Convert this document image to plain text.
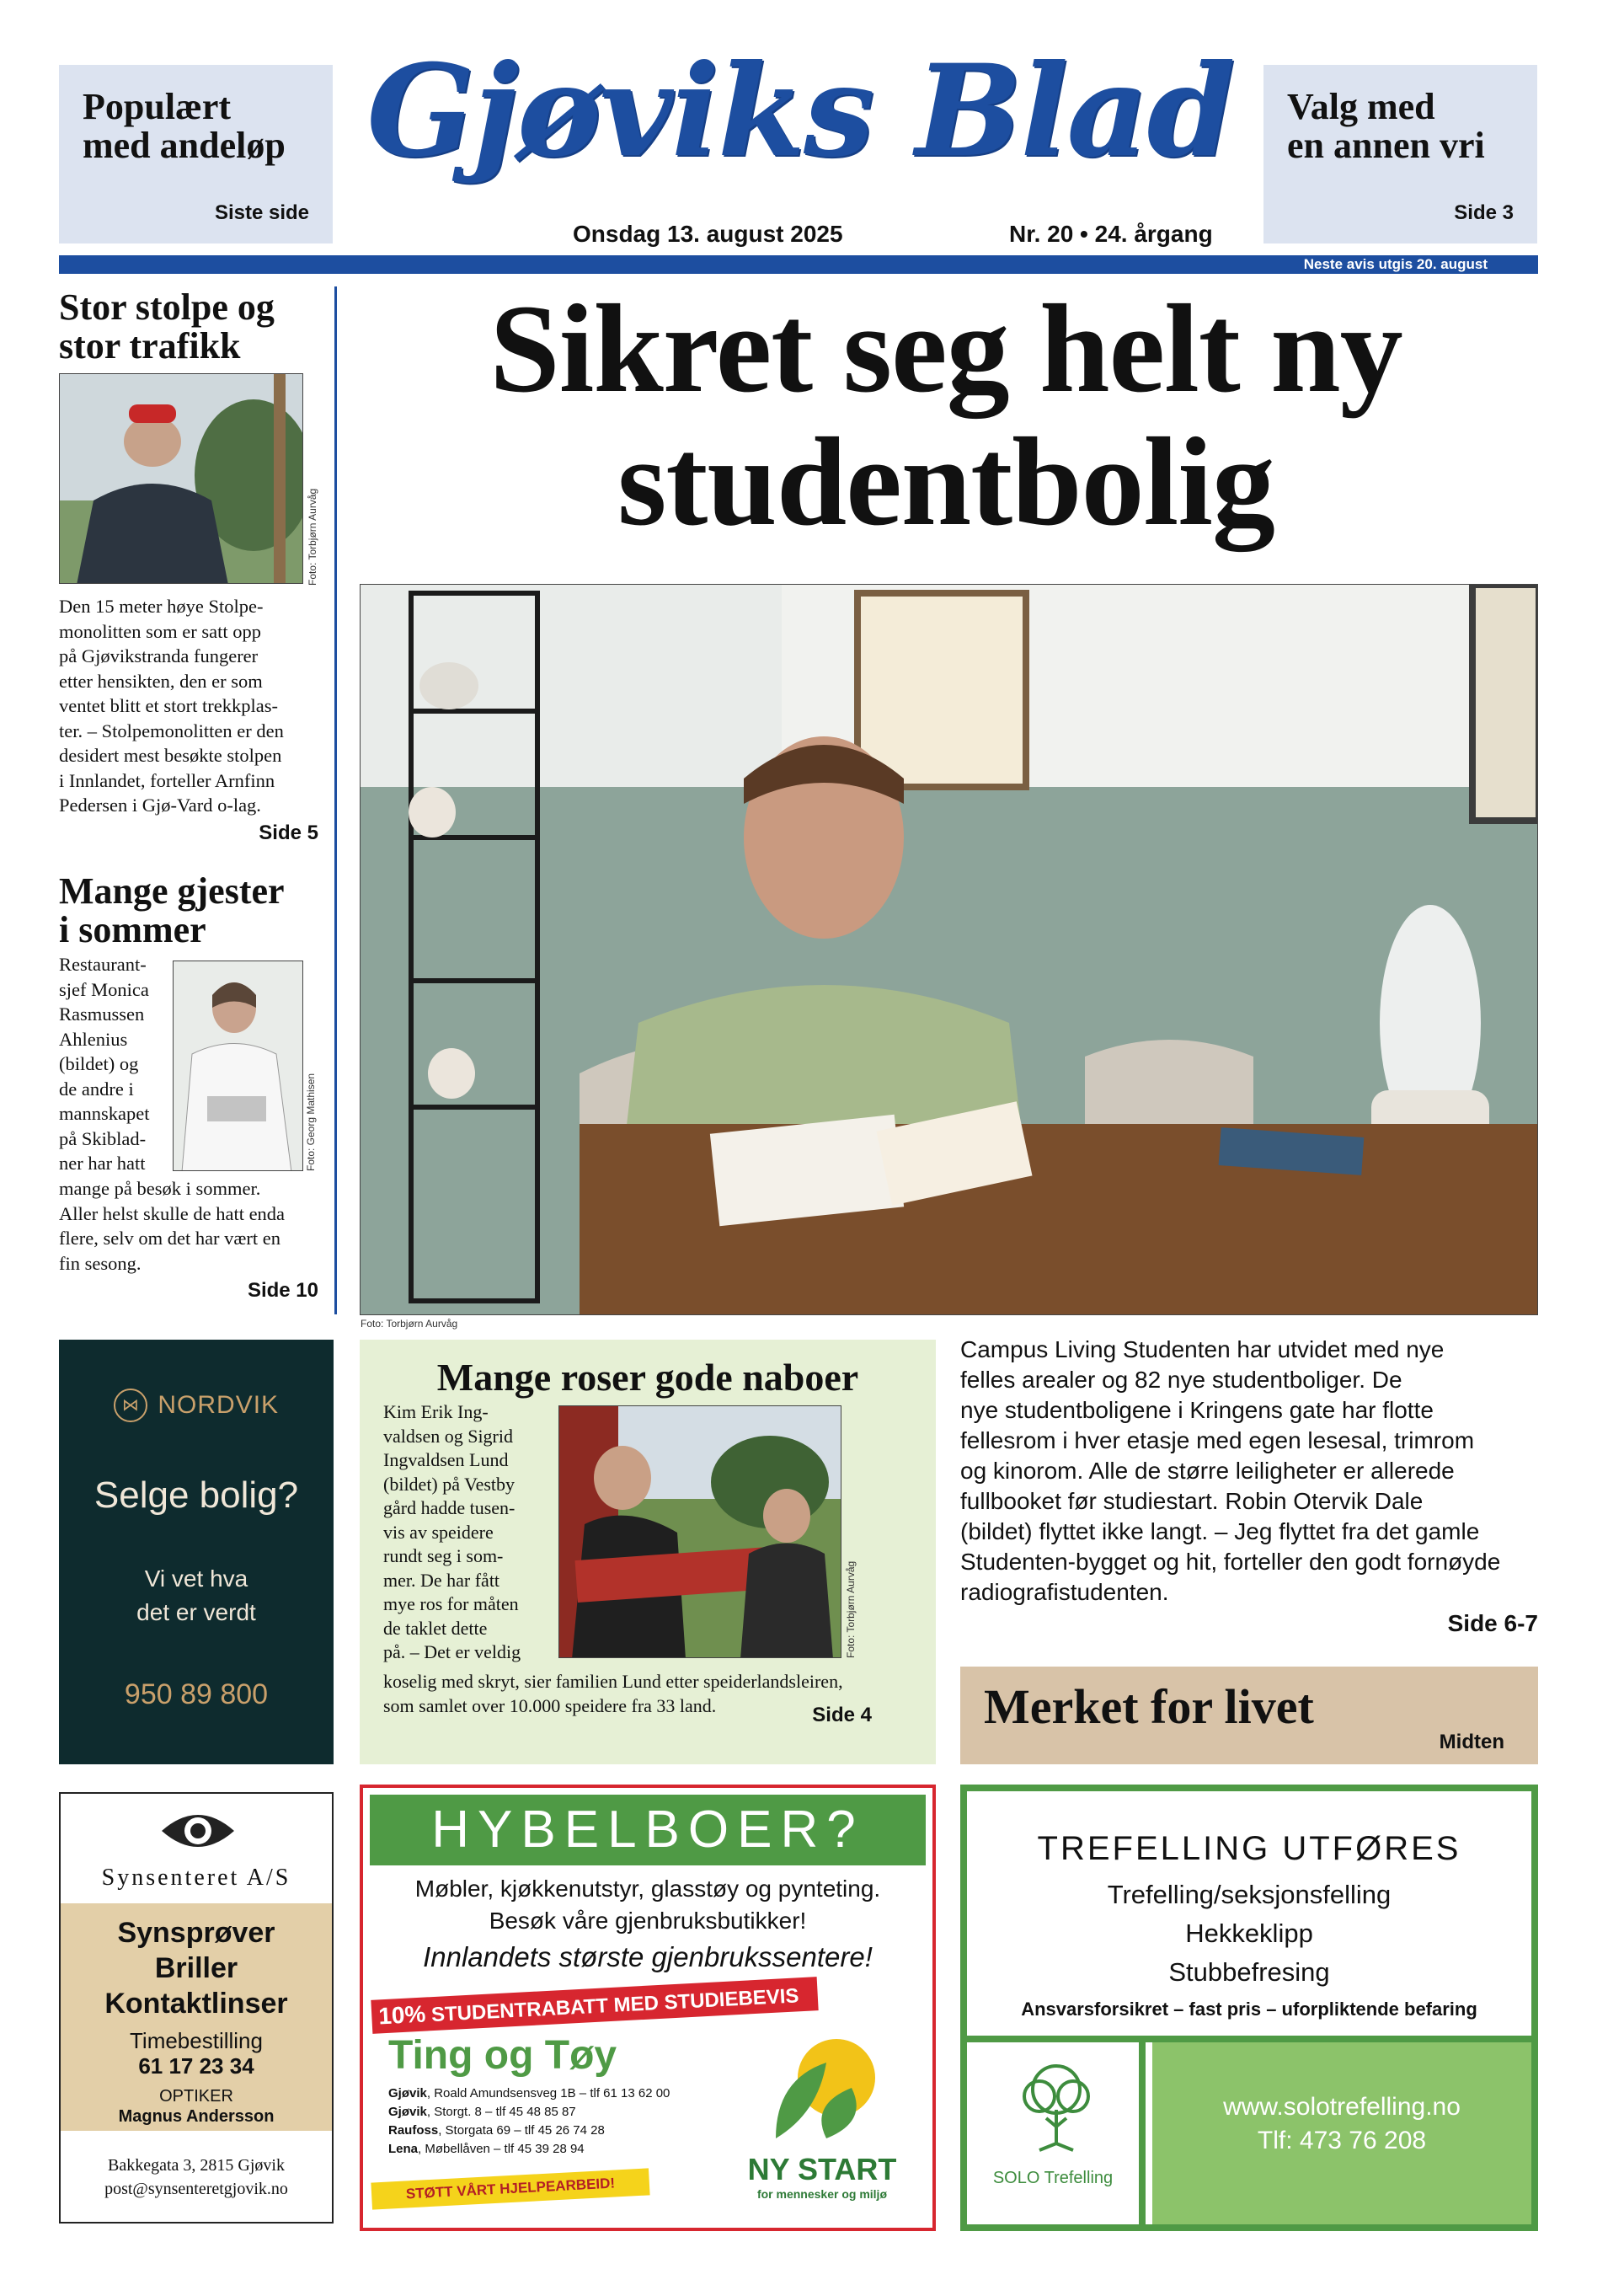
Populært
med andeløp
Siste side
Gjøviks Blad
Onsdag 13. august 2025	Nr. 20 • 24. årgang
Valg med
en annen vri
Side 3
Neste avis utgis 20. august
Stor stolpe og
stor trafikk
Foto: Torbjørn Aurvåg
Den 15 meter høye Stolpe-
monolitten som er satt opp
på Gjøvikstranda fungerer
etter hensikten, den er som
ventet blitt et stort trekkplas-
ter. – Stolpemonolitten er den
desidert mest besøkte stolpen
i Innlandet, forteller Arnfinn
Pedersen i Gjø-Vard o-lag.
Side 5
Mange gjester
i sommer
Restaurant-
sjef Monica
Rasmussen
Ahlenius
(bildet) og
de andre i
mannskapet
på Skiblad-
ner har hatt	Foto: Georg Mathisen
mange på besøk i sommer.
Aller helst skulle de hatt enda
flere, selv om det har vært en
fin sesong.
Side 10
Sikret seg helt ny
studentbolig
Foto: Torbjørn Aurvåg
Campus Living Studenten har utvidet med nye
felles arealer og 82 nye studentboliger. De
nye studentboligene i Kringens gate har flotte
fellesrom i hver etasje med egen lesesal, trimrom
og kinorom. Alle de større leiligheter er allerede
fullbooket før studiestart. Robin Otervik Dale
(bildet) flyttet ikke langt. – Jeg flyttet fra det gamle
Studenten-bygget og hit, forteller den godt fornøyde
radiografistudenten.
Side 6-7
Mange roser gode naboer
Kim Erik Ing-
valdsen og Sigrid
Ingvaldsen Lund
(bildet) på Vestby
gård hadde tusen-
vis av speidere
rundt seg i som-
mer. De har fått
mye ros for måten
de taklet dette
på. – Det er veldig	Foto: Torbjørn Aurvåg
koselig med skryt, sier familien Lund etter speiderlandsleiren,
som samlet over 10.000 speidere fra 33 land.	Side 4 Merket for livet
Midten
⋈ NORDVIK
Selge bolig?
Vi vet hva
det er verdt
950 89 800
Synsenteret A/S
Synsprøver
Briller
Kontaktlinser
Timebestilling
61 17 23 34
OPTIKER
Magnus Andersson
Bakkegata 3, 2815 Gjøvik
post@synsenteretgjovik.no
HYBELBOER?
Møbler, kjøkkenutstyr, glasstøy og pynteting.
Besøk våre gjenbruksbutikker!
Innlandets største gjenbrukssentere!
10% STUDENTRABATT MED STUDIEBEVIS
Ting og Tøy
Gjøvik, Roald Amundsensveg 1B – tlf 61 13 62 00
Gjøvik, Storgt. 8 – tlf 45 48 85 87
Raufoss, Storgata 69 – tlf 45 26 74 28
Lena, Møbellåven – tlf 45 39 28 94
STØTT VÅRT HJELPEARBEID!
NY START
for mennesker og miljø
TREFELLING UTFØRES
Trefelling/seksjonsfelling
Hekkeklipp
Stubbefresing
Ansvarsforsikret – fast pris – uforpliktende befaring
SOLO Trefelling
www.solotrefelling.no
Tlf: 473 76 208
